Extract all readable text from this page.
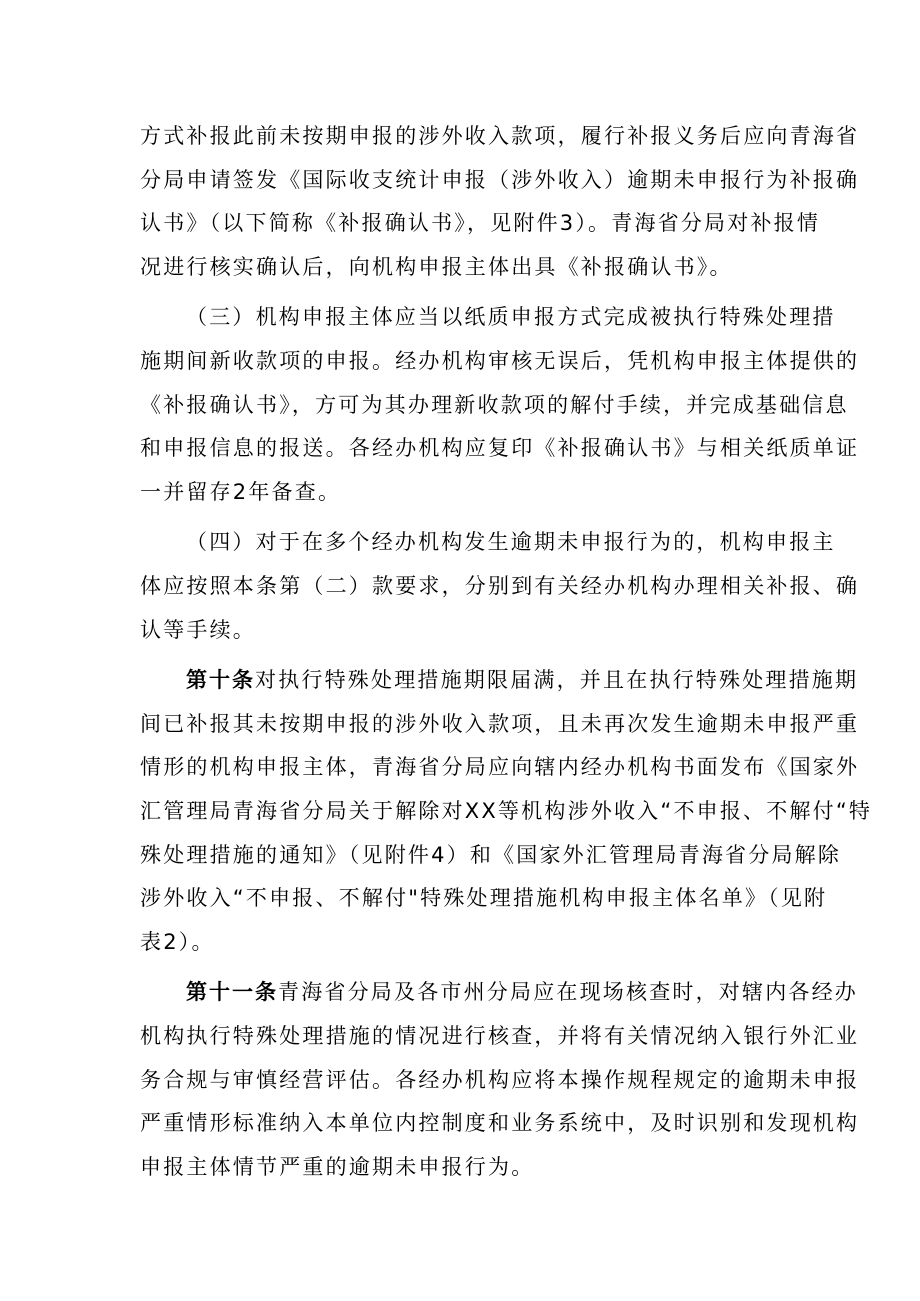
方式补报此前未按期申报的涉外收入款项，履行补报义务后应向青海省
分局申请签发《国际收支统计申报（涉外收入）逾期未申报行为补报确
认书》（以下简称《补报确认书》，见附件3）。青海省分局对补报情
况进行核实确认后，向机构申报主体出具《补报确认书》。
（三）机构申报主体应当以纸质申报方式完成被执行特殊处理措
施期间新收款项的申报。经办机构审核无误后，凭机构申报主体提供的
《补报确认书》，方可为其办理新收款项的解付手续，并完成基础信息
和申报信息的报送。各经办机构应复印《补报确认书》与相关纸质单证
一并留存2年备查。
（四）对于在多个经办机构发生逾期未申报行为的，机构申报主
体应按照本条第（二）款要求，分别到有关经办机构办理相关补报、确
认等手续。
第十条对执行特殊处理措施期限届满，并且在执行特殊处理措施期
间已补报其未按期申报的涉外收入款项，且未再次发生逾期未申报严重
情形的机构申报主体，青海省分局应向辖内经办机构书面发布《国家外
汇管理局青海省分局关于解除对XX等机构涉外收入“不申报、不解付“特
殊处理措施的通知》（见附件4）和《国家外汇管理局青海省分局解除
涉外收入“不申报、不解付"特殊处理措施机构申报主体名单》（见附
表2）。
第十一条青海省分局及各市州分局应在现场核查时，对辖内各经办
机构执行特殊处理措施的情况进行核查，并将有关情况纳入银行外汇业
务合规与审慎经营评估。各经办机构应将本操作规程规定的逾期未申报
严重情形标准纳入本单位内控制度和业务系统中，及时识别和发现机构
申报主体情节严重的逾期未申报行为。
